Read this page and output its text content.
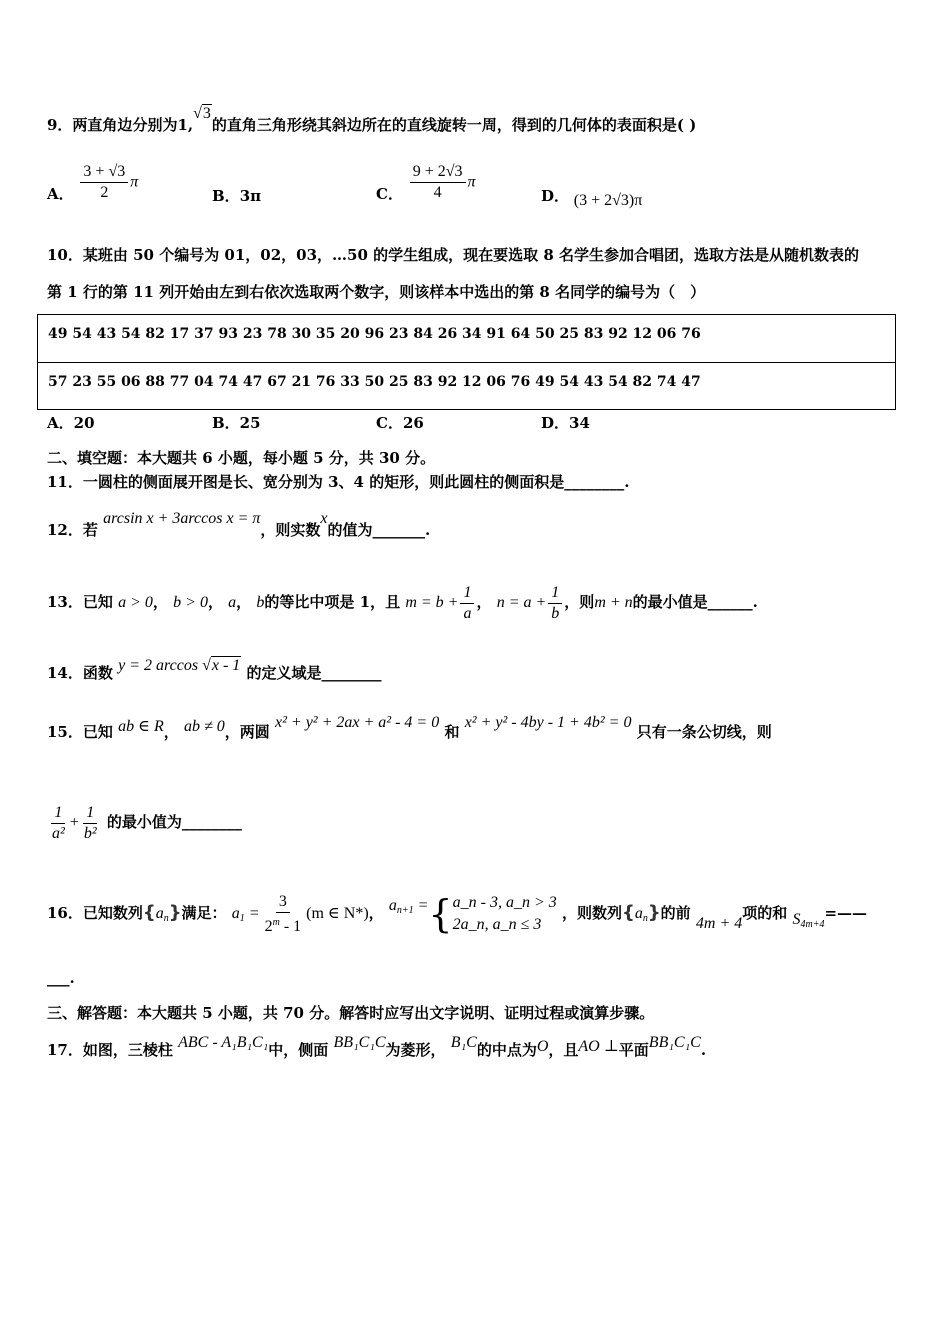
9．两直角边分别为1,√3的直角三角形绕其斜边所在的直线旋转一周，得到的几何体的表面积是( )
A． $\frac{3 + √3}{2}$ π
B．3π	C． $\frac{9 + 2√3}{4}$ π
D． (3 + 2√3)π
10．某班由 50 个编号为 01，02，03，…50 的学生组成，现在要选取 8 名学生参加合唱团，选取方法是从随机数表的
第 1 行的第 11 列开始由左到右依次选取两个数字，则该样本中选出的第 8 名同学的编号为（　）
49 54 43 54 82 17 37 93 23 78 30 35 20 96 23 84 26 34 91 64 50 25 83 92 12 06 76
57 23 55 06 88 77 04 74 47 67 21 76 33 50 25 83 92 12 06 76 49 54 43 54 82 74 47
A．20	B．25	C．26	D．34
二、填空题：本大题共 6 小题，每小题 5 分，共 30 分。
11．一圆柱的侧面展开图是长、宽分别为 3、4 的矩形，则此圆柱的侧面积是________.
12．若 arcsin x + 3arccos x = π，则实数x的值为_______.
13．已知 a > 0， b > 0， a， b的等比中项是 1，且 $m = b + \frac{1}{a}$ ， $n = a + \frac{1}{b}$ ，则m + n的最小值是______.
14．函数 y = 2 arccos √x - 1 的定义域是________
15．已知 ab ∈ R， ab ≠ 0，两圆 x² + y² + 2ax + a² - 4 = 0 和 x² + y² - 4by - 1 + 4b² = 0 只有一条公切线，则
$\frac{1}{\text{a²}} + \frac{1}{\text{b²}}$ 的最小值为________
16．已知数列$\{a_n\}$满足： $a_1 = \frac{3}{2^m - 1} (m$ ∈ N*)， $a_{n+1}$ ={ a_n - 3, a_n > 3
2a_n, a_n ≤ 3
，则数列$\{a_n\}$的前 4m + 4项的和 $S_{4m+4}=——$
___.
三、解答题：本大题共 5 小题，共 70 分。解答时应写出文字说明、证明过程或演算步骤。
17．如图，三棱柱 ABC - A₁B₁C₁中，侧面 BB₁C₁C为菱形， B₁C的中点为O，且AO ⊥平面BB₁C₁C.
